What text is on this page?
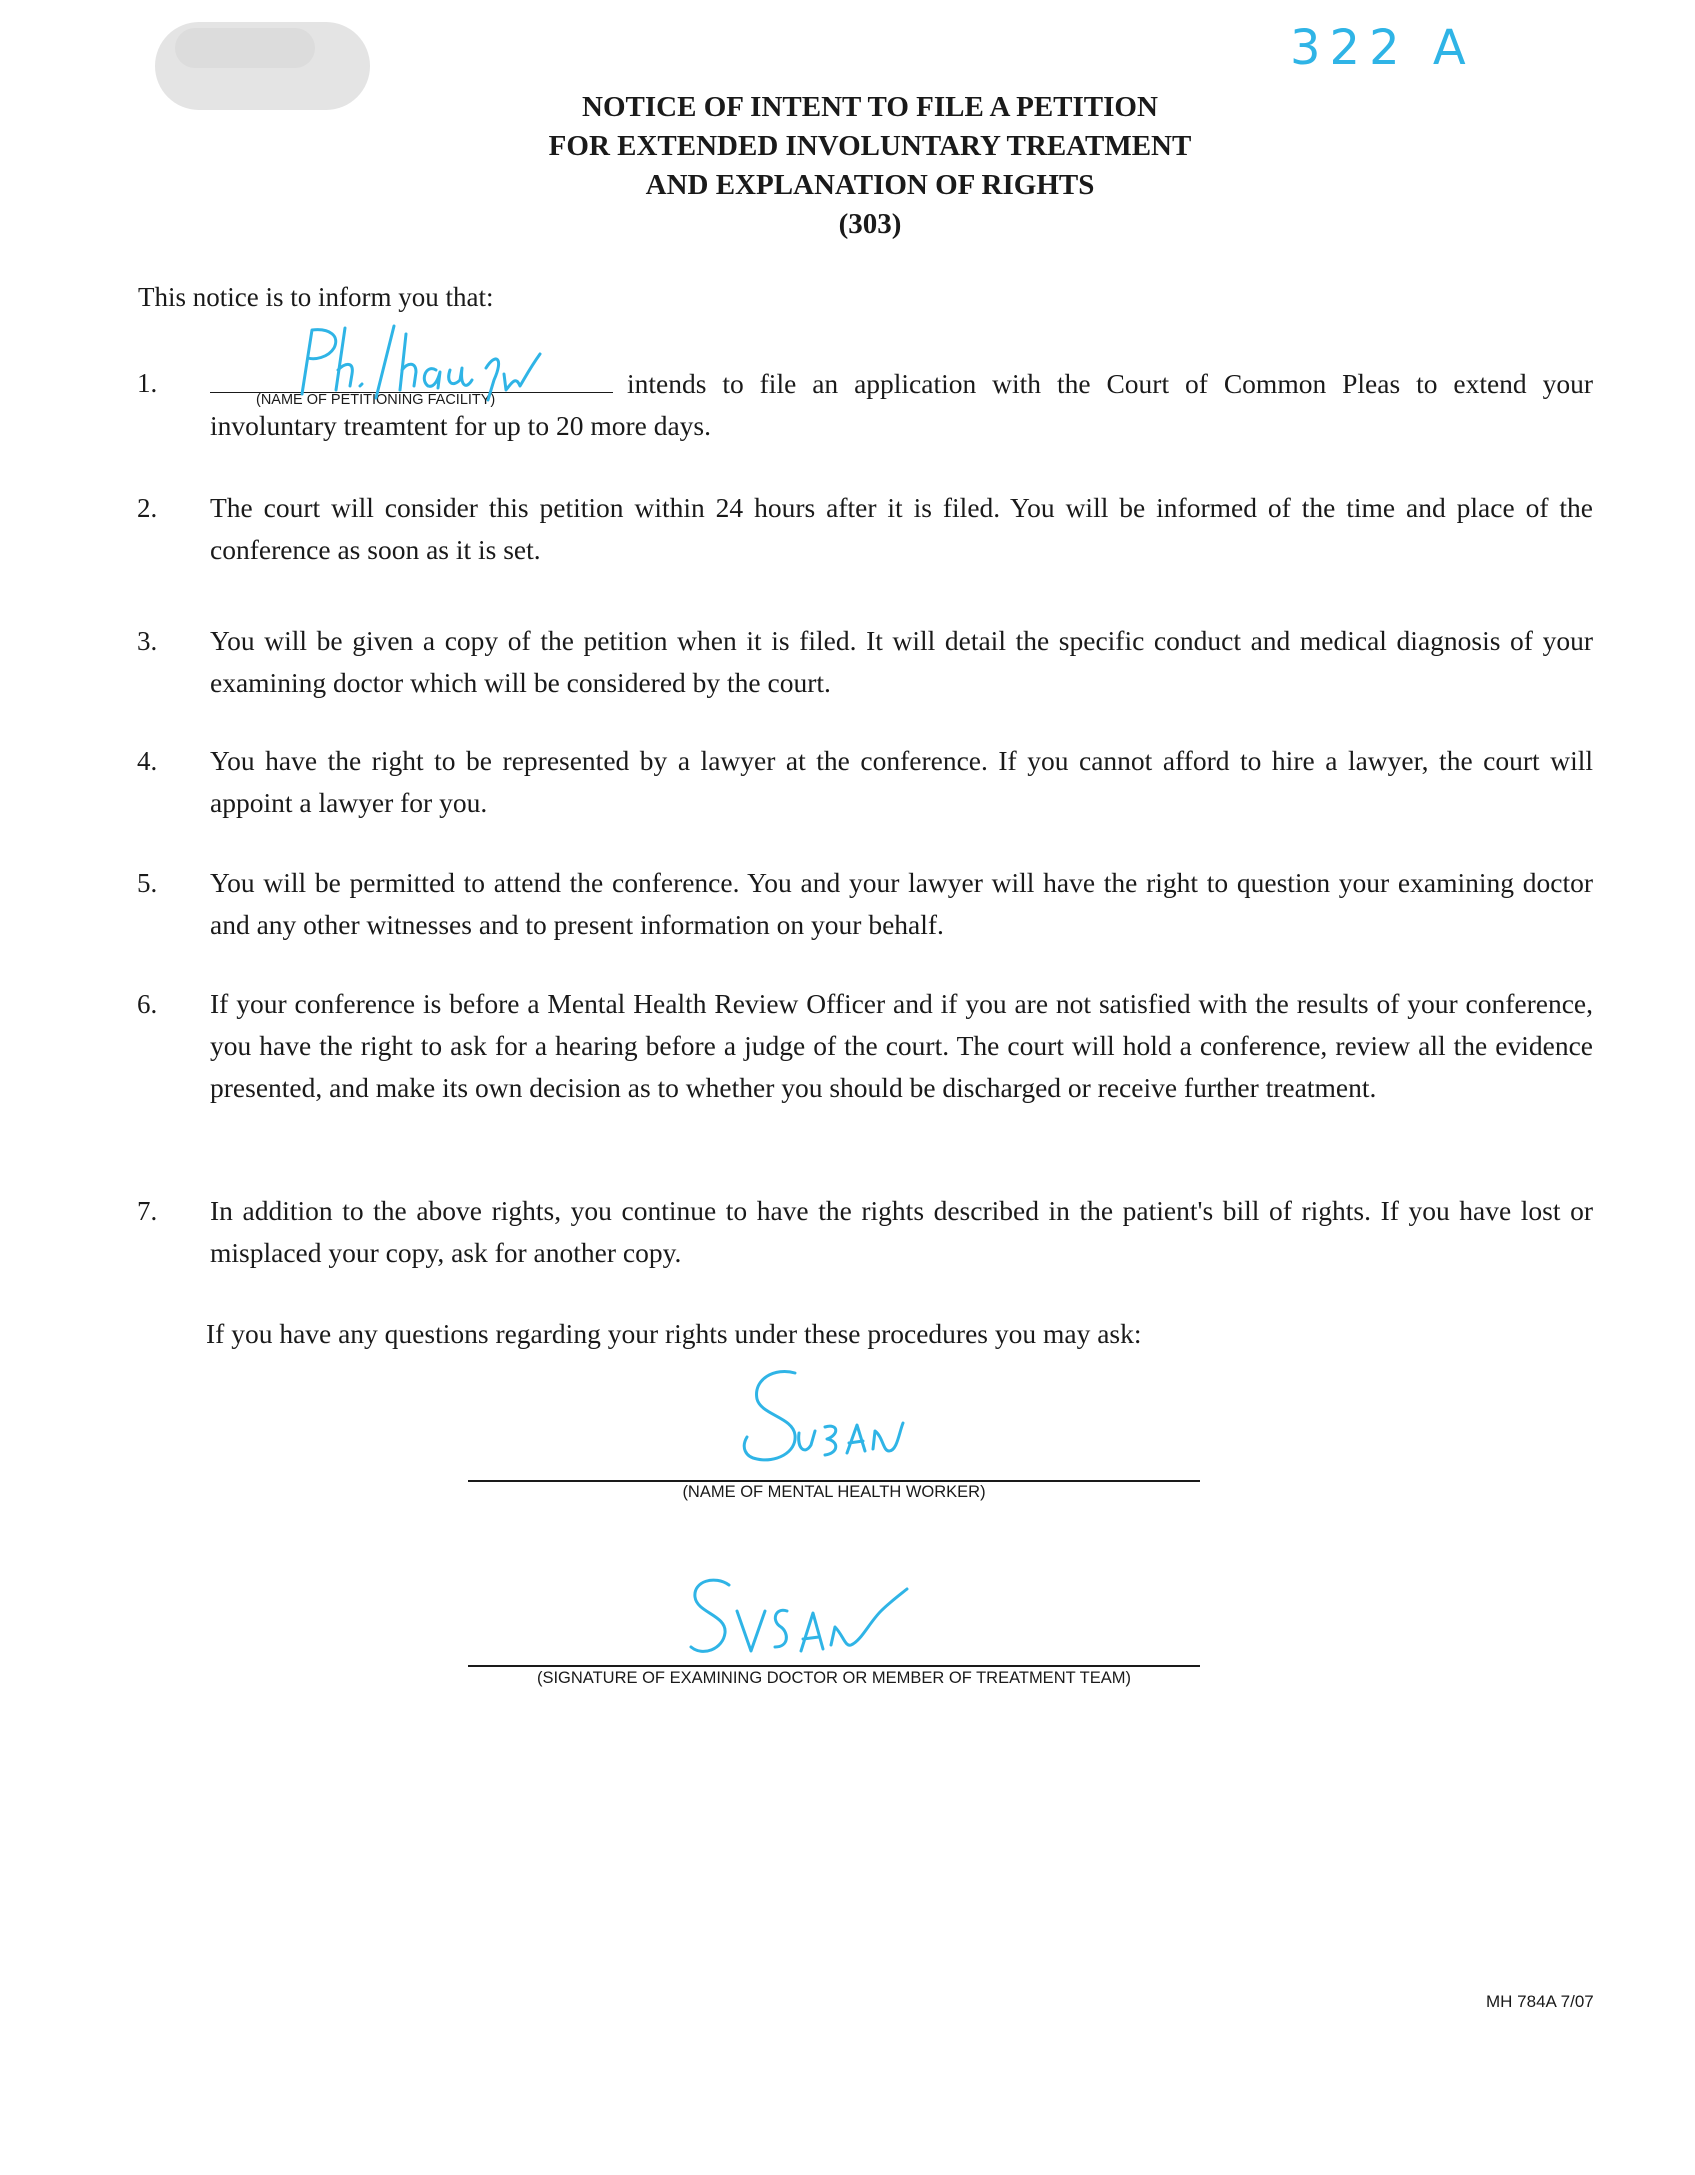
322 A
NOTICE OF INTENT TO FILE A PETITION
FOR EXTENDED INVOLUNTARY TREATMENT
AND EXPLANATION OF RIGHTS
(303)
This notice is to inform you that:
1.

(NAME OF PETITIONING FACILITY)
intends to file an application with the Court of Common Pleas to extend your involuntary treamtent for up to 20 more days.

2. The court will consider this petition within 24 hours after it is filed. You will be informed of the time and place of the conference as soon as it is set.
3. You will be given a copy of the petition when it is filed. It will detail the specific conduct and medical diagnosis of your examining doctor which will be considered by the court.
4. You have the right to be represented by a lawyer at the conference. If you cannot afford to hire a lawyer, the court will appoint a lawyer for you.
5. You will be permitted to attend the conference. You and your lawyer will have the right to question your examining doctor and any other witnesses and to present information on your behalf.
6. If your conference is before a Mental Health Review Officer and if you are not satisfied with the results of your conference, you have the right to ask for a hearing before a judge of the court. The court will hold a conference, review all the evidence presented, and make its own decision as to whether you should be discharged or receive further treatment.
7. In addition to the above rights, you continue to have the rights described in the patient's bill of rights. If you have lost or misplaced your copy, ask for another copy.
If you have any questions regarding your rights under these procedures you may ask:
(NAME OF MENTAL HEALTH WORKER)
(SIGNATURE OF EXAMINING DOCTOR OR MEMBER OF TREATMENT TEAM)
MH 784A 7/07
